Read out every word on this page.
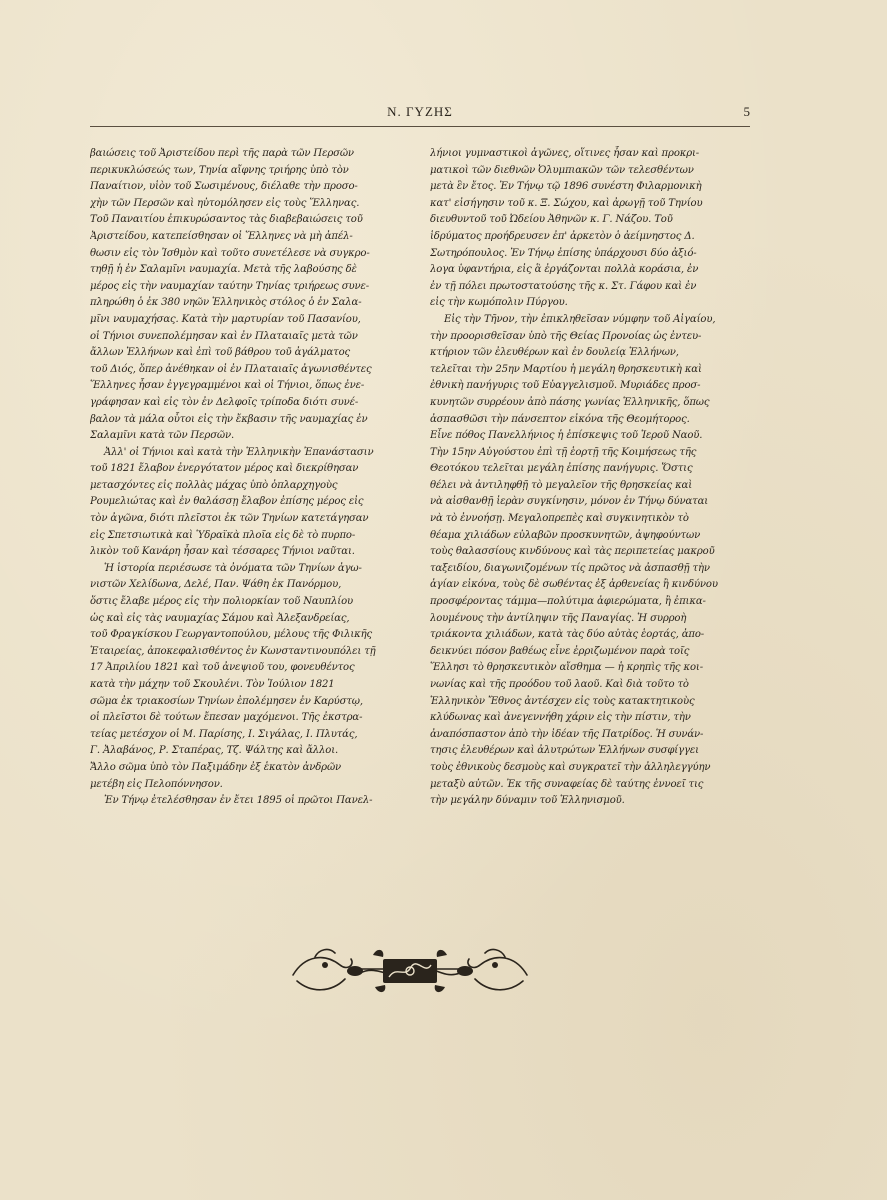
Ν. ΓΥΖΗΣ	5
βαιώσεις τοῦ Ἀριστείδου περὶ τῆς παρὰ τῶν Περσῶν
περικυκλώσεώς των, Τηνία αἴφνης τριήρης ὑπὸ τὸν
Παναίτιον, υἱὸν τοῦ Σωσιμένους, διέλαθε τὴν προσο-
χὴν τῶν Περσῶν καὶ ηὐτομόλησεν εἰς τοὺς Ἕλληνας.
Τοῦ Παναιτίου ἐπικυρώσαντος τὰς διαβεβαιώσεις τοῦ
Ἀριστείδου, κατεπείσθησαν οἱ Ἕλληνες νὰ μὴ ἀπέλ-
θωσιν εἰς τὸν Ἰσθμὸν καὶ τοῦτο συνετέλεσε νὰ συγκρο-
τηθῇ ἡ ἐν Σαλαμῖνι ναυμαχία. Μετὰ τῆς λαβούσης δὲ
μέρος εἰς τὴν ναυμαχίαν ταύτην Τηνίας τριήρεως συνε-
πληρώθη ὁ ἐκ 380 νηῶν Ἑλληνικὸς στόλος ὁ ἐν Σαλα-
μῖνι ναυμαχήσας. Κατὰ τὴν μαρτυρίαν τοῦ Πασανίου,
οἱ Τήνιοι συνεπολέμησαν καὶ ἐν Πλαταιαῖς μετὰ τῶν
ἄλλων Ἑλλήνων καὶ ἐπὶ τοῦ βάθρου τοῦ ἀγάλματος
τοῦ Διός, ὅπερ ἀνέθηκαν οἱ ἐν Πλαταιαῖς ἀγωνισθέντες
Ἕλληνες ἦσαν ἐγγεγραμμένοι καὶ οἱ Τήνιοι, ὅπως ἐνε-
γράφησαν καὶ εἰς τὸν ἐν Δελφοῖς τρίποδα διότι συνέ-
βαλον τὰ μάλα οὗτοι εἰς τὴν ἔκβασιν τῆς ναυμαχίας ἐν
Σαλαμῖνι κατὰ τῶν Περσῶν.
Ἀλλ' οἱ Τήνιοι καὶ κατὰ τὴν Ἑλληνικὴν Ἐπανάστασιν
τοῦ 1821 ἔλαβον ἐνεργότατον μέρος καὶ διεκρίθησαν
μετασχόντες εἰς πολλὰς μάχας ὑπὸ ὁπλαρχηγοὺς
Ρουμελιώτας καὶ ἐν θαλάσσῃ ἔλαβον ἐπίσης μέρος εἰς
τὸν ἀγῶνα, διότι πλεῖστοι ἐκ τῶν Τηνίων κατετάγησαν
εἰς Σπετσιωτικὰ καὶ Ὑδραϊκὰ πλοῖα εἰς δὲ τὸ πυρπο-
λικὸν τοῦ Κανάρη ἦσαν καὶ τέσσαρες Τήνιοι ναῦται.
Ἡ ἱστορία περιέσωσε τὰ ὀνόματα τῶν Τηνίων ἀγω-
νιστῶν Χελίδωνα, Δελέ, Παν. Ψάθη ἐκ Πανόρμου,
ὅστις ἔλαβε μέρος εἰς τὴν πολιορκίαν τοῦ Ναυπλίου
ὡς καὶ εἰς τὰς ναυμαχίας Σάμου καὶ Ἀλεξανδρείας,
τοῦ Φραγκίσκου Γεωργαντοπούλου, μέλους τῆς Φιλικῆς
Ἑταιρείας, ἀποκεφαλισθέντος ἐν Κωνσταντινουπόλει τῇ
17 Ἀπριλίου 1821 καὶ τοῦ ἀνεψιοῦ του, φονευθέντος
κατὰ τὴν μάχην τοῦ Σκουλένι. Τὸν Ἰούλιον 1821
σῶμα ἐκ τριακοσίων Τηνίων ἐπολέμησεν ἐν Καρύστῳ,
οἱ πλεῖστοι δὲ τούτων ἔπεσαν μαχόμενοι. Τῆς ἐκστρα-
τείας μετέσχον οἱ Μ. Παρίσης, Ι. Σιγάλας, Ι. Πλυτάς,
Γ. Ἀλαβάνος, Ρ. Σταπέρας, Τζ. Ψάλτης καὶ ἄλλοι.
Ἄλλο σῶμα ὑπὸ τὸν Παξιμάδην ἐξ ἑκατὸν ἀνδρῶν
μετέβη εἰς Πελοπόννησον.
Ἐν Τήνῳ ἐτελέσθησαν ἐν ἔτει 1895 οἱ πρῶτοι Πανελ-
λήνιοι γυμναστικοὶ ἀγῶνες, οἵτινες ἦσαν καὶ προκρι-
ματικοὶ τῶν διεθνῶν Ὀλυμπιακῶν τῶν τελεσθέντων
μετὰ ἓν ἔτος. Ἐν Τήνῳ τῷ 1896 συνέστη Φιλαρμονικὴ
κατ' εἰσήγησιν τοῦ κ. Ξ. Σώχου, καὶ ἀρωγῇ τοῦ Τηνίου
διευθυντοῦ τοῦ Ὠδείου Ἀθηνῶν κ. Γ. Νάζου. Τοῦ
ἱδρύματος προήδρευσεν ἐπ' ἀρκετὸν ὁ ἀείμνηστος Δ.
Σωτηρόπουλος. Ἐν Τήνῳ ἐπίσης ὑπάρχουσι δύο ἀξιό-
λογα ὑφαντήρια, εἰς ἃ ἐργάζονται πολλὰ κοράσια, ἐν
ἐν τῇ πόλει πρωτοστατούσης τῆς κ. Στ. Γάφου καὶ ἐν
εἰς τὴν κωμόπολιν Πύργου.
Εἰς τὴν Τῆνον, τὴν ἐπικληθεῖσαν νύμφην τοῦ Αἰγαίου,
τὴν προορισθεῖσαν ὑπὸ τῆς Θείας Προνοίας ὡς ἐντευ-
κτήριον τῶν ἐλευθέρων καὶ ἐν δουλείᾳ Ἑλλήνων,
τελεῖται τὴν 25ην Μαρτίου ἡ μεγάλη θρησκευτικὴ καὶ
ἐθνικὴ πανήγυρις τοῦ Εὐαγγελισμοῦ. Μυριάδες προσ-
κυνητῶν συρρέουν ἀπὸ πάσης γωνίας Ἑλληνικῆς, ὅπως
ἀσπασθῶσι τὴν πάνσεπτον εἰκόνα τῆς Θεομήτορος.
Εἶνε πόθος Πανελλήνιος ἡ ἐπίσκεψις τοῦ Ἱεροῦ Ναοῦ.
Τὴν 15ην Αὐγούστου ἐπὶ τῇ ἑορτῇ τῆς Κοιμήσεως τῆς
Θεοτόκου τελεῖται μεγάλη ἐπίσης πανήγυρις. Ὅστις
θέλει νὰ ἀντιληφθῇ τὸ μεγαλεῖον τῆς θρησκείας καὶ
νὰ αἰσθανθῇ ἱερὰν συγκίνησιν, μόνον ἐν Τήνῳ δύναται
νὰ τὸ ἐννοήσῃ. Μεγαλοπρεπὲς καὶ συγκινητικὸν τὸ
θέαμα χιλιάδων εὐλαβῶν προσκυνητῶν, ἀψηφούντων
τοὺς θαλασσίους κινδύνους καὶ τὰς περιπετείας μακροῦ
ταξειδίου, διαγωνιζομένων τίς πρῶτος νὰ ἀσπασθῇ τὴν
ἁγίαν εἰκόνα, τοὺς δὲ σωθέντας ἐξ ἀρθενείας ἢ κινδύνου
προσφέροντας τάμμα—πολύτιμα ἀφιερώματα, ἢ ἐπικα-
λουμένους τὴν ἀντίληψιν τῆς Παναγίας. Ἡ συρροὴ
τριάκοντα χιλιάδων, κατὰ τὰς δύο αὐτὰς ἑορτάς, ἀπο-
δεικνύει πόσον βαθέως εἶνε ἐρριζωμένον παρὰ τοῖς
Ἕλλησι τὸ θρησκευτικὸν αἴσθημα — ἡ κρηπὶς τῆς κοι-
νωνίας καὶ τῆς προόδου τοῦ λαοῦ. Καὶ διὰ τοῦτο τὸ
Ἑλληνικὸν Ἔθνος ἀντέσχεν εἰς τοὺς κατακτητικοὺς
κλύδωνας καὶ ἀνεγεννήθη χάριν εἰς τὴν πίστιν, τὴν
ἀναπόσπαστον ἀπὸ τὴν ἰδέαν τῆς Πατρίδος. Ἡ συνάν-
τησις ἐλευθέρων καὶ ἀλυτρώτων Ἑλλήνων συσφίγγει
τοὺς ἐθνικοὺς δεσμοὺς καὶ συγκρατεῖ τὴν ἀλληλεγγύην
μεταξὺ αὐτῶν. Ἐκ τῆς συναφείας δὲ ταύτης ἐννοεῖ τις
τὴν μεγάλην δύναμιν τοῦ Ἑλληνισμοῦ.
